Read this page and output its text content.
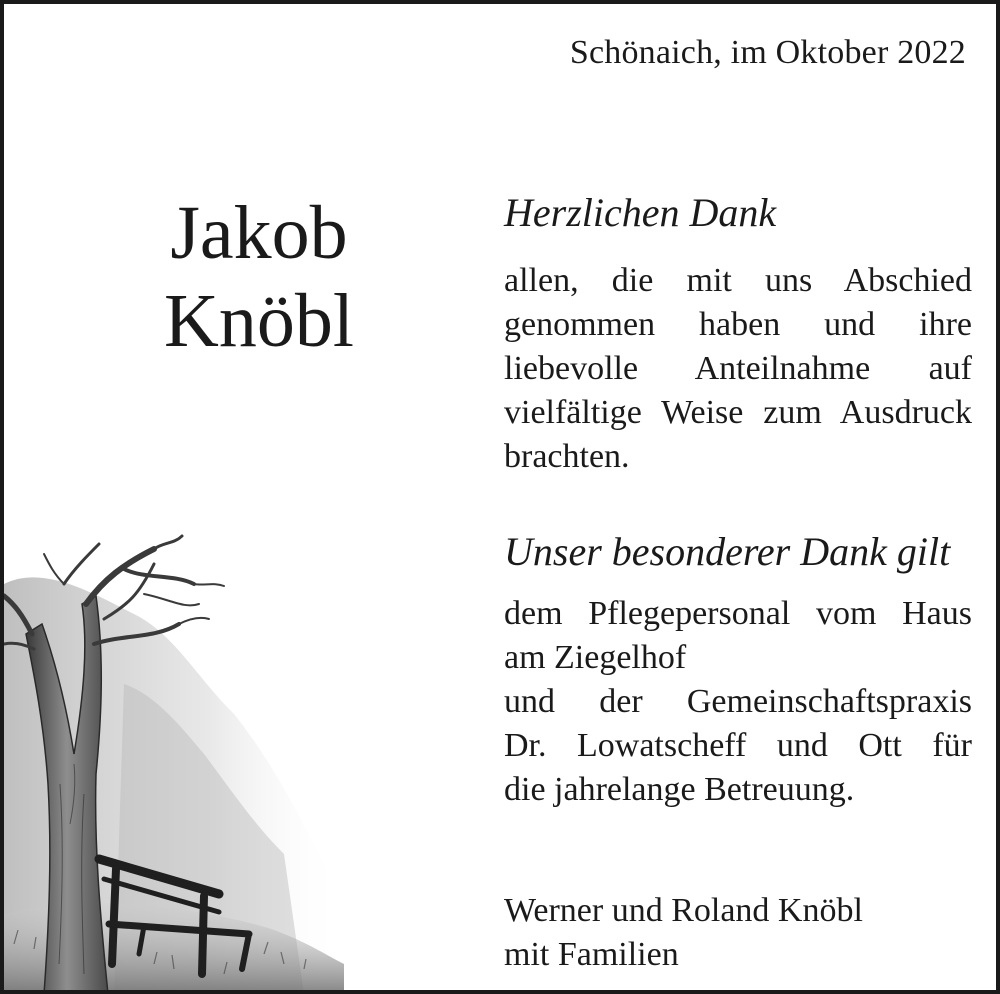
Schönaich, im Oktober 2022
Jakob
Knöbl
Herzlichen Dank
allen, die mit uns Abschied
genommen haben und ihre
liebevolle Anteilnahme auf
vielfältige Weise zum Ausdruck
brachten.
Unser besonderer Dank gilt
dem Pflegepersonal vom Haus
am Ziegelhof
und der Gemeinschaftspraxis
Dr. Lowatscheff und Ott für
die jahrelange Betreuung.
Werner und Roland Knöbl
mit Familien
